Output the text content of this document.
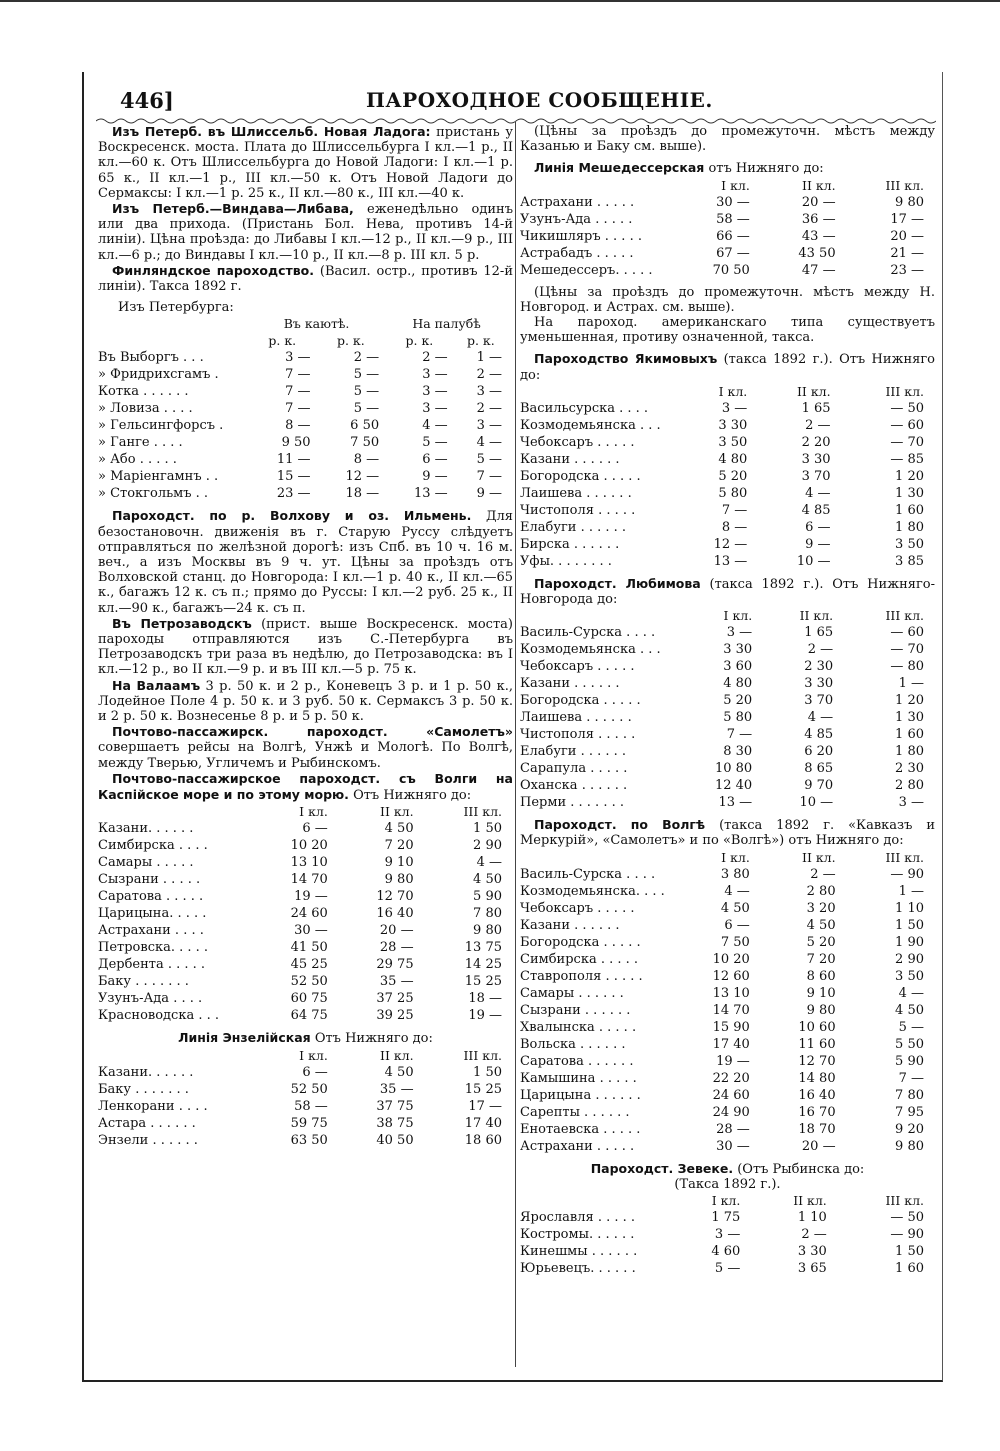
446]	ПАРОХОДНОЕ СООБЩЕНІЕ.

Изъ Петерб. въ Шлиссельб. Новая Ладога: пристань у Воскресенск. моста. Плата до Шлиссельбурга I кл.—1 р., II кл.—60 к. Отъ Шлиссельбурга до Новой Ладоги: I кл.—1 р. 65 к., II кл.—1 р., III кл.—50 к. Отъ Новой Ладоги до Сермаксы: I кл.—1 р. 25 к., II кл.—80 к., III кл.—40 к.

Изъ Петерб.—Виндава—Либава, еженедѣльно одинъ или два прихода. (Пристань Бол. Нева, противъ 14-й линіи). Цѣна проѣзда: до Либавы I кл.—12 р., II кл.—9 р., III кл.—6 р.; до Виндавы I кл.—10 р., II кл.—8 р. III кл. 5 р.

Финляндское пароходство. (Васил. остр., противъ 12-й линіи). Такса 1892 г.

Изъ Петербурга:

	Въ каютѣ.		На палубѣ	
	р. к.	р. к.	р. к.	р. к.
Въ Выборгъ . . .	3 —	2 —	2 —	1 —
» Фридрихсгамъ .	7 —	5 —	3 —	2 —
Котка . . . . . .	7 —	5 —	3 —	3 —
» Ловиза . . . .	7 —	5 —	3 —	2 —
» Гельсингфорсъ .	8 —	6 50	4 —	3 —
» Ганге . . . .	9 50	7 50	5 —	4 —
» Або . . . . .	11 —	8 —	6 —	5 —
» Маріенгамнъ . .	15 —	12 —	9 —	7 —
» Стокгольмъ . .	23 —	18 —	13 —	9 —

Пароходст. по р. Волхову и оз. Ильмень. Для безостановочн. движенія въ г. Старую Руссу слѣдуетъ отправляться по желѣзной дорогѣ: изъ Спб. въ 10 ч. 16 м. веч., а изъ Москвы въ 9 ч. ут. Цѣны за проѣздъ отъ Волховской станц. до Новгорода: I кл.—1 р. 40 к., II кл.—65 к., багажъ 12 к. съ п.; прямо до Руссы: I кл.—2 руб. 25 к., II кл.—90 к., багажъ—24 к. съ п.

Въ Петрозаводскъ (прист. выше Воскресенск. моста) пароходы отправляются изъ С.-Петербурга въ Петрозаводскъ три раза въ недѣлю, до Петрозаводска: въ I кл.—12 р., во II кл.—9 р. и въ III кл.—5 р. 75 к.

На Валаамъ 3 р. 50 к. и 2 р., Коневецъ 3 р. и 1 р. 50 к., Лодейное Поле 4 р. 50 к. и 3 руб. 50 к. Сермаксъ 3 р. 50 к. и 2 р. 50 к. Вознесенье 8 р. и 5 р. 50 к.

Почтово-пассажирск. пароходст. «Самолетъ» совершаетъ рейсы на Волгѣ, Унжѣ и Мологѣ. По Волгѣ, между Тверью, Угличемъ и Рыбинскомъ.

Почтово-пассажирское пароходст. съ Волги на Каспійское море и по этому морю. Отъ Нижняго до:

	I кл.	II кл.	III кл.
Казани. . . . . .	6 —	4 50	1 50
Симбирска . . . .	10 20	7 20	2 90
Самары . . . . .	13 10	9 10	4 —
Сызрани . . . . .	14 70	9 80	4 50
Саратова . . . . .	19 —	12 70	5 90
Царицына. . . . .	24 60	16 40	7 80
Астрахани . . . .	30 —	20 —	9 80
Петровска. . . . .	41 50	28 —	13 75
Дербента . . . . .	45 25	29 75	14 25
Баку . . . . . . .	52 50	35 —	15 25
Узунъ-Ада . . . .	60 75	37 25	18 —
Красноводска . . .	64 75	39 25	19 —

Линія Энзелійская Отъ Нижняго до:

	I кл.	II кл.	III кл.
Казани. . . . . .	6 —	4 50	1 50
Баку . . . . . . .	52 50	35 —	15 25
Ленкорани . . . .	58 —	37 75	17 —
Астара . . . . . .	59 75	38 75	17 40
Энзели . . . . . .	63 50	40 50	18 60

(Цѣны за проѣздъ до промежуточн. мѣстъ между Казанью и Баку см. выше).

Линія Мешедессерская отъ Нижняго до:

	I кл.	II кл.	III кл.
Астрахани . . . . .	30 —	20 —	9 80
Узунъ-Ада . . . . .	58 —	36 —	17 —
Чикишляръ . . . . .	66 —	43 —	20 —
Астрабадъ . . . . .	67 —	43 50	21 —
Мешедессеръ. . . . .	70 50	47 —	23 —

(Цѣны за проѣздъ до промежуточн. мѣстъ между Н. Новгород. и Астрах. см. выше).

На пароход. американскаго типа существуетъ уменьшенная, противу означенной, такса.

Пароходство Якимовыхъ (такса 1892 г.). Отъ Нижняго до:

	I кл.	II кл.	III кл.
Васильсурска . . . .	3 —	1 65	— 50
Козмодемьянска . . .	3 30	2 —	— 60
Чебоксаръ . . . . .	3 50	2 20	— 70
Казани . . . . . .	4 80	3 30	— 85
Богородска . . . . .	5 20	3 70	1 20
Лаишева . . . . . .	5 80	4 —	1 30
Чистополя . . . . .	7 —	4 85	1 60
Елабуги . . . . . .	8 —	6 —	1 80
Бирска . . . . . .	12 —	9 —	3 50
Уфы. . . . . . . .	13 —	10 —	3 85

Пароходст. Любимова (такса 1892 г.). Отъ Нижняго-Новгорода до:

	I кл.	II кл.	III кл.
Василь-Сурска . . . .	3 —	1 65	— 60
Козмодемьянска . . .	3 30	2 —	— 70
Чебоксаръ . . . . .	3 60	2 30	— 80
Казани . . . . . .	4 80	3 30	1 —
Богородска . . . . .	5 20	3 70	1 20
Лаишева . . . . . .	5 80	4 —	1 30
Чистополя . . . . .	7 —	4 85	1 60
Елабуги . . . . . .	8 30	6 20	1 80
Сарапула . . . . .	10 80	8 65	2 30
Оханска . . . . . .	12 40	9 70	2 80
Перми . . . . . . .	13 —	10 —	3 —

Пароходст. по Волгѣ (такса 1892 г. «Кавказъ и Меркурій», «Самолетъ» и по «Волгѣ») отъ Нижняго до:

	I кл.	II кл.	III кл.
Василь-Сурска . . . .	3 80	2 —	— 90
Козмодемьянска. . . .	4 —	2 80	1 —
Чебоксаръ . . . . .	4 50	3 20	1 10
Казани . . . . . .	6 —	4 50	1 50
Богородска . . . . .	7 50	5 20	1 90
Симбирска . . . . .	10 20	7 20	2 90
Ставрополя . . . . .	12 60	8 60	3 50
Самары . . . . . .	13 10	9 10	4 —
Сызрани . . . . . .	14 70	9 80	4 50
Хвалынска . . . . .	15 90	10 60	5 —
Вольска . . . . . .	17 40	11 60	5 50
Саратова . . . . . .	19 —	12 70	5 90
Камышина . . . . .	22 20	14 80	7 —
Царицына . . . . . .	24 60	16 40	7 80
Сарепты . . . . . .	24 90	16 70	7 95
Енотаевска . . . . .	28 —	18 70	9 20
Астрахани . . . . .	30 —	20 —	9 80

Пароходст. Зевеке. (Отъ Рыбинска до:

(Такса 1892 г.).

	I кл.	II кл.	III кл.
Ярославля . . . . .	1 75	1 10	— 50
Костромы. . . . . .	3 —	2 —	— 90
Кинешмы . . . . . .	4 60	3 30	1 50
Юрьевецъ. . . . . .	5 —	3 65	1 60
